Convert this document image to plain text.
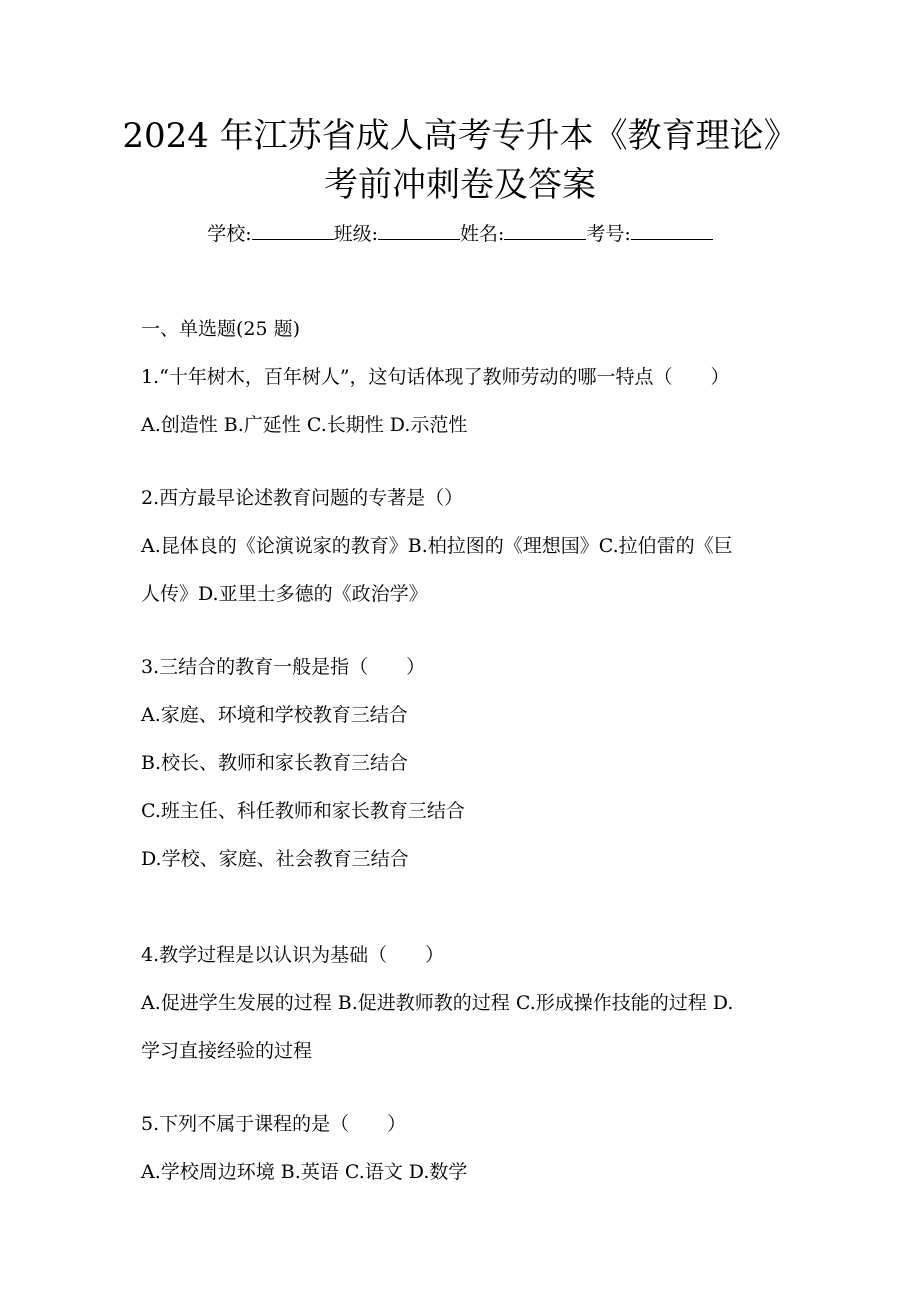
2024 年江苏省成人高考专升本《教育理论》
考前冲刺卷及答案
学校:	班级:	姓名:	考号:
一、单选题(25 题)
1.“十年树木，百年树人”，这句话体现了教师劳动的哪一特点（　　）
A.创造性 B.广延性 C.长期性 D.示范性
2.西方最早论述教育问题的专著是（）
A.昆体良的《论演说家的教育》B.柏拉图的《理想国》C.拉伯雷的《巨
人传》D.亚里士多德的《政治学》
3.三结合的教育一般是指（　　）
A.家庭、环境和学校教育三结合
B.校长、教师和家长教育三结合
C.班主任、科任教师和家长教育三结合
D.学校、家庭、社会教育三结合
4.教学过程是以认识为基础（　　）
A.促进学生发展的过程 B.促进教师教的过程 C.形成操作技能的过程 D.
学习直接经验的过程
5.下列不属于课程的是（　　）
A.学校周边环境 B.英语 C.语文 D.数学
